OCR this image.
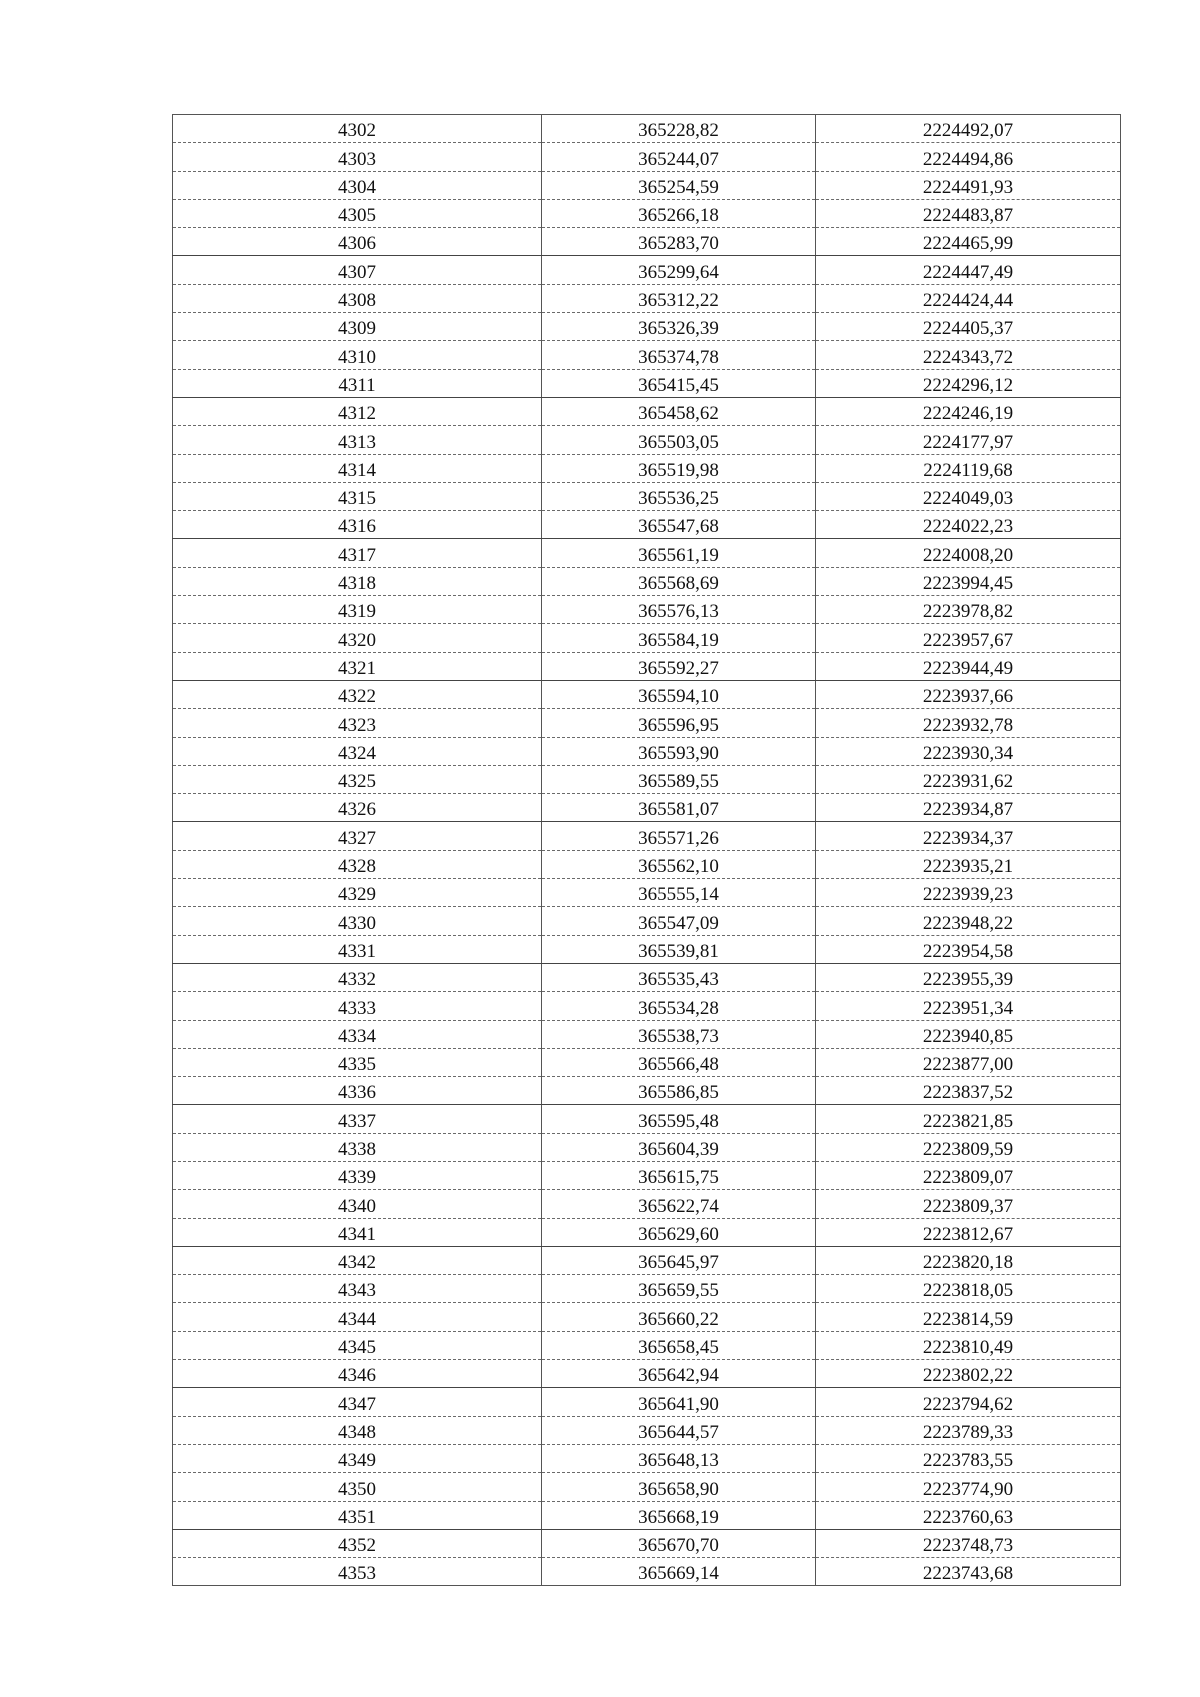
4302	365228,82	2224492,07
4303	365244,07	2224494,86
4304	365254,59	2224491,93
4305	365266,18	2224483,87
4306	365283,70	2224465,99
4307	365299,64	2224447,49
4308	365312,22	2224424,44
4309	365326,39	2224405,37
4310	365374,78	2224343,72
4311	365415,45	2224296,12
4312	365458,62	2224246,19
4313	365503,05	2224177,97
4314	365519,98	2224119,68
4315	365536,25	2224049,03
4316	365547,68	2224022,23
4317	365561,19	2224008,20
4318	365568,69	2223994,45
4319	365576,13	2223978,82
4320	365584,19	2223957,67
4321	365592,27	2223944,49
4322	365594,10	2223937,66
4323	365596,95	2223932,78
4324	365593,90	2223930,34
4325	365589,55	2223931,62
4326	365581,07	2223934,87
4327	365571,26	2223934,37
4328	365562,10	2223935,21
4329	365555,14	2223939,23
4330	365547,09	2223948,22
4331	365539,81	2223954,58
4332	365535,43	2223955,39
4333	365534,28	2223951,34
4334	365538,73	2223940,85
4335	365566,48	2223877,00
4336	365586,85	2223837,52
4337	365595,48	2223821,85
4338	365604,39	2223809,59
4339	365615,75	2223809,07
4340	365622,74	2223809,37
4341	365629,60	2223812,67
4342	365645,97	2223820,18
4343	365659,55	2223818,05
4344	365660,22	2223814,59
4345	365658,45	2223810,49
4346	365642,94	2223802,22
4347	365641,90	2223794,62
4348	365644,57	2223789,33
4349	365648,13	2223783,55
4350	365658,90	2223774,90
4351	365668,19	2223760,63
4352	365670,70	2223748,73
4353	365669,14	2223743,68
